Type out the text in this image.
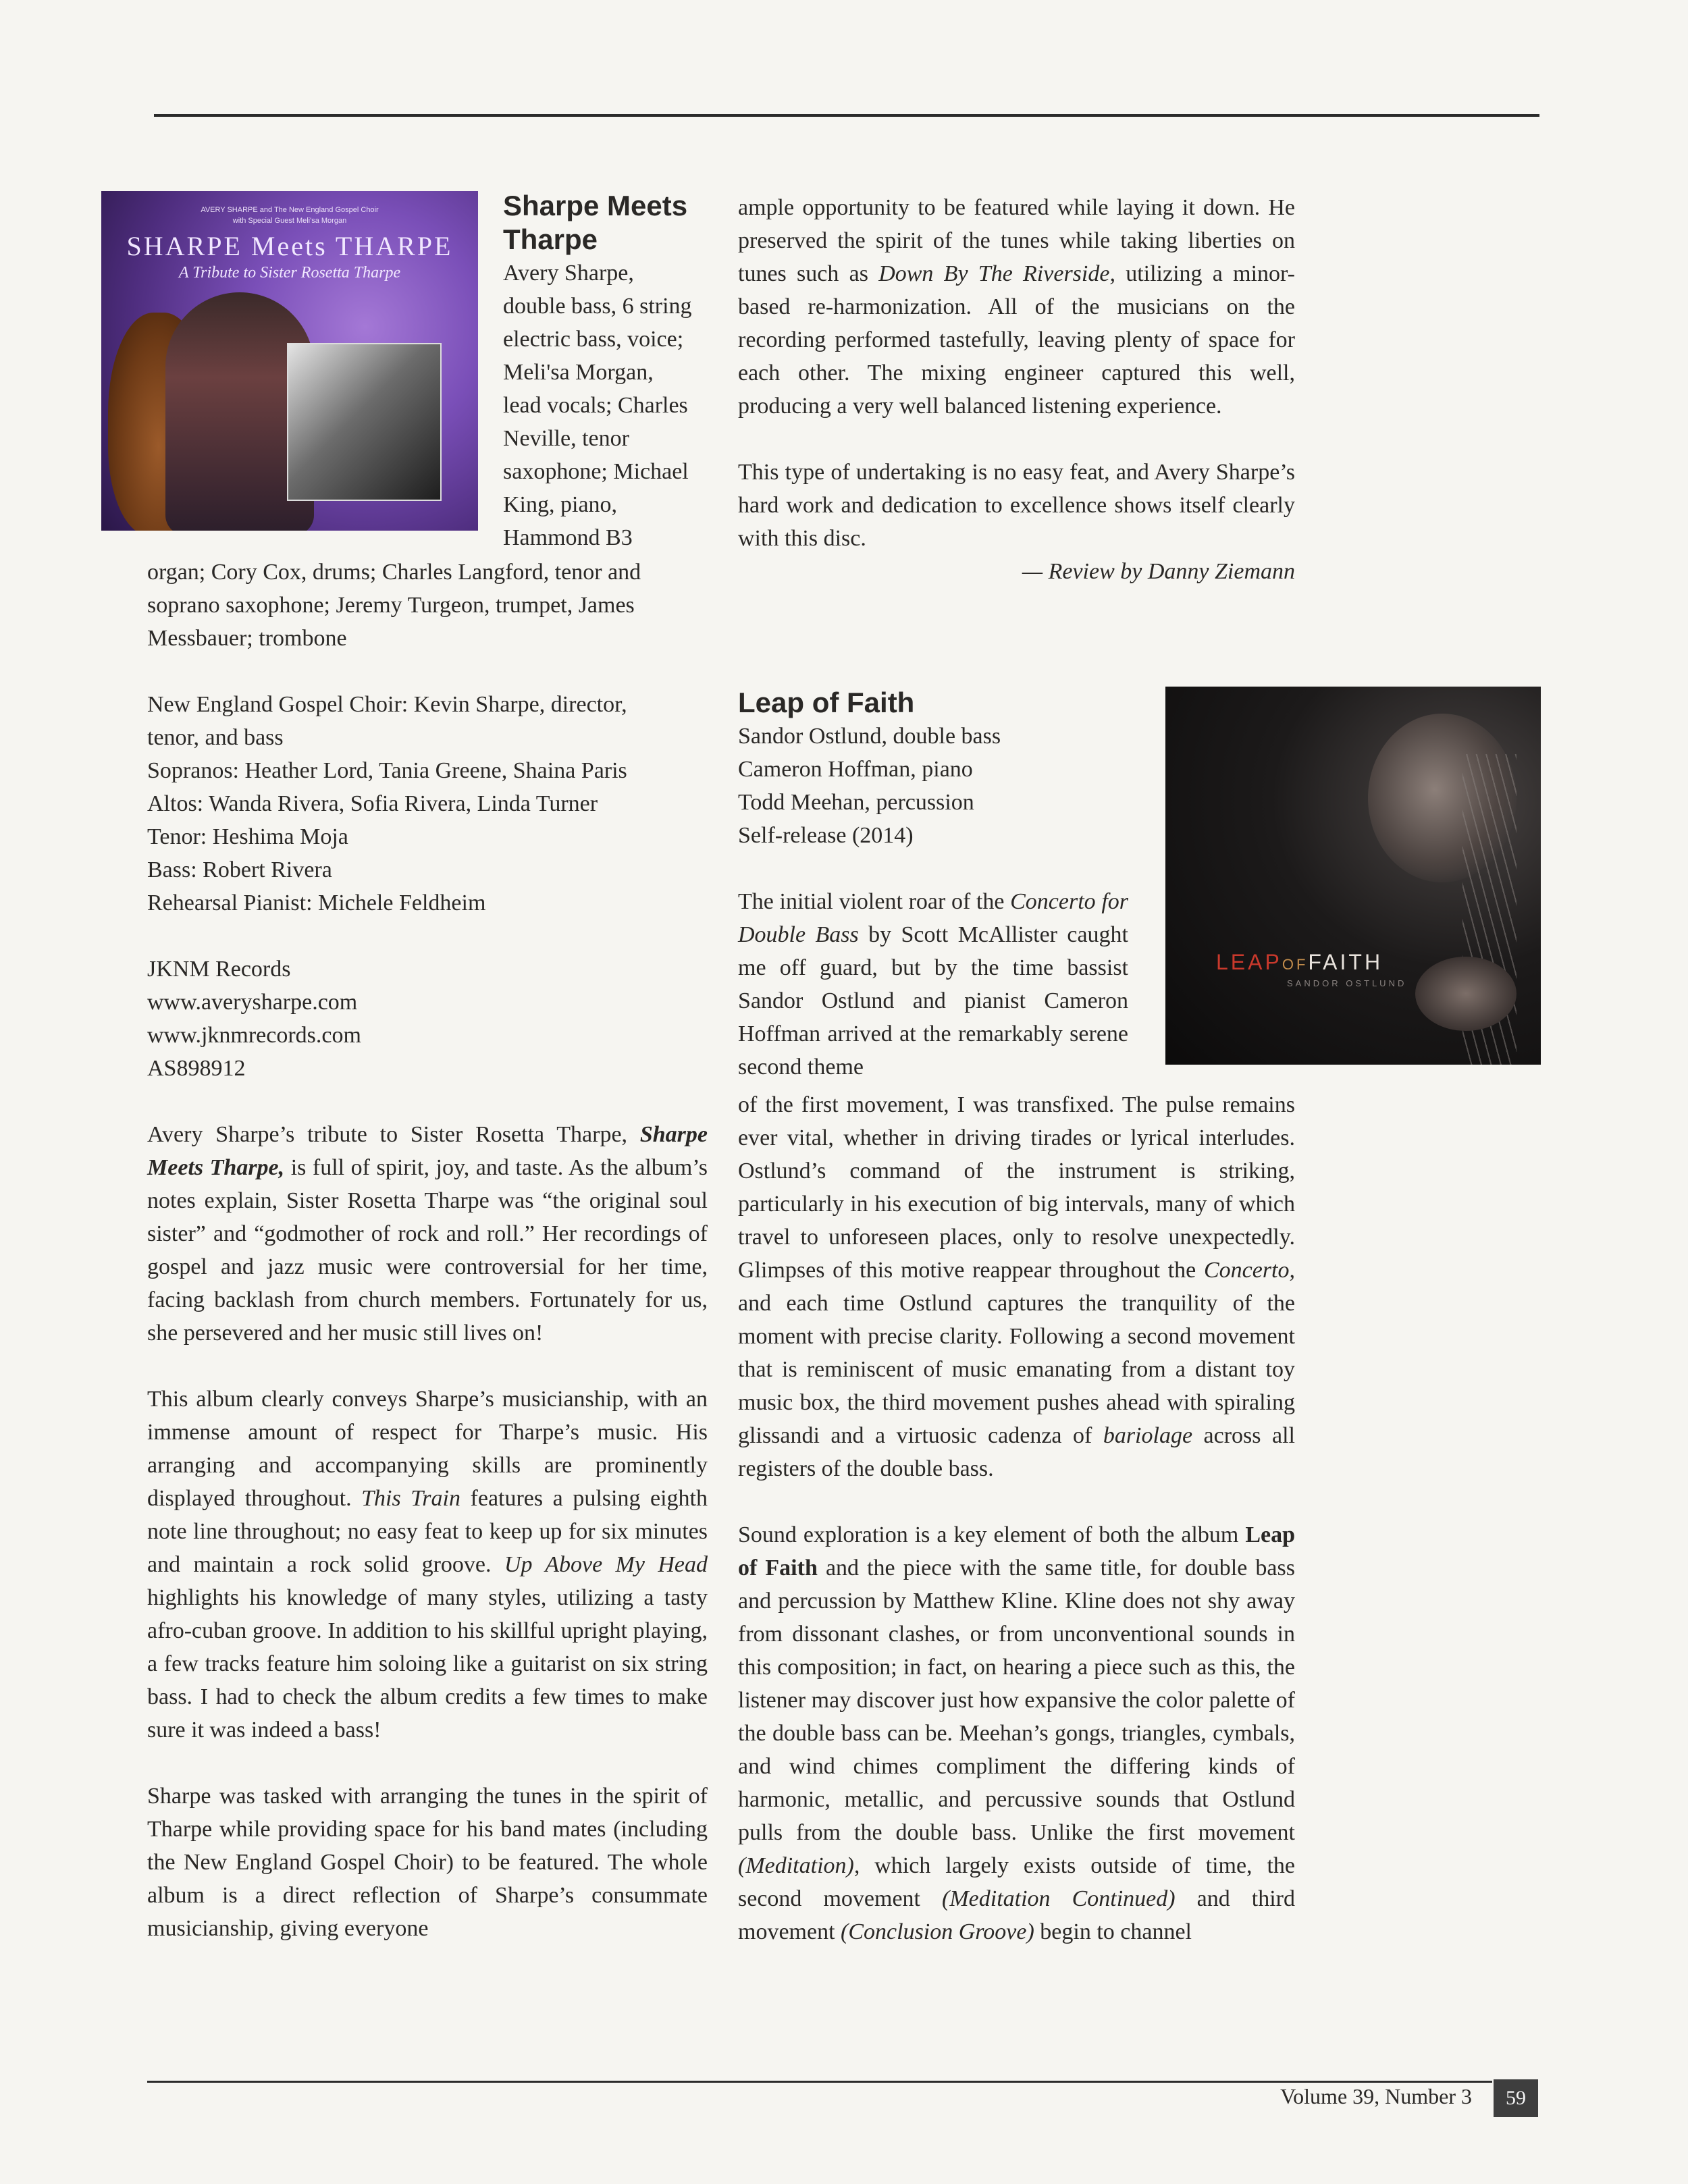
AVERY SHARPE and The New England Gospel Choir
with Special Guest Meli'sa Morgan
SHARPE Meets THARPE
A Tribute to Sister Rosetta Tharpe
Sharpe Meets Tharpe
Avery Sharpe,
double bass, 6 string
electric bass, voice;
Meli'sa Morgan,
lead vocals; Charles
Neville, tenor
saxophone; Michael
King, piano,
Hammond B3
organ; Cory Cox, drums; Charles Langford, tenor and
soprano saxophone; Jeremy Turgeon, trumpet, James
Messbauer; trombone
New England Gospel Choir: Kevin Sharpe, director,
tenor, and bass
Sopranos: Heather Lord, Tania Greene, Shaina Paris
Altos: Wanda Rivera, Sofia Rivera, Linda Turner
Tenor: Heshima Moja
Bass: Robert Rivera
Rehearsal Pianist: Michele Feldheim
JKNM Records
www.averysharpe.com
www.jknmrecords.com
AS898912

Avery Sharpe’s tribute to Sister Rosetta Tharpe, Sharpe Meets Tharpe, is full of spirit, joy, and taste. As the album’s notes explain, Sister Rosetta Tharpe was “the original soul sister” and “godmother of rock and roll.” Her recordings of gospel and jazz music were controversial for her time, facing backlash from church members. Fortunately for us, she persevered and her music still lives on!

This album clearly conveys Sharpe’s musicianship, with an immense amount of respect for Tharpe’s music. His arranging and accompanying skills are prominently displayed throughout. This Train features a pulsing eighth note line throughout; no easy feat to keep up for six minutes and maintain a rock solid groove. Up Above My Head highlights his knowledge of many styles, utilizing a tasty afro-cuban groove. In addition to his skillful upright playing, a few tracks feature him soloing like a guitarist on six string bass. I had to check the album credits a few times to make sure it was indeed a bass!

Sharpe was tasked with arranging the tunes in the spirit of Tharpe while providing space for his band mates (including the New England Gospel Choir) to be featured. The whole album is a direct reflection of Sharpe’s consummate musicianship, giving everyone

ample opportunity to be featured while laying it down. He preserved the spirit of the tunes while taking liberties on tunes such as Down By The Riverside, utilizing a minor-based re-harmonization. All of the musicians on the recording performed tastefully, leaving plenty of space for each other. The mixing engineer captured this well, producing a very well balanced listening experience.

This type of undertaking is no easy feat, and Avery Sharpe’s hard work and dedication to excellence shows itself clearly with this disc.

— Review by Danny Ziemann

LEAPOFFAITH
SANDOR OSTLUND
Leap of Faith
Sandor Ostlund, double bass
Cameron Hoffman, piano
Todd Meehan, percussion
Self-release (2014)

The initial violent roar of the Concerto for Double Bass by Scott McAllister caught me off guard, but by the time bassist Sandor Ostlund and pianist Cameron Hoffman arrived at the remarkably serene second theme

of the first movement, I was transfixed. The pulse remains ever vital, whether in driving tirades or lyrical interludes. Ostlund’s command of the instrument is striking, particularly in his execution of big intervals, many of which travel to unforeseen places, only to resolve unexpectedly. Glimpses of this motive reappear throughout the Concerto, and each time Ostlund captures the tranquility of the moment with precise clarity. Following a second movement that is reminiscent of music emanating from a distant toy music box, the third movement pushes ahead with spiraling glissandi and a virtuosic cadenza of bariolage across all registers of the double bass.

Sound exploration is a key element of both the album Leap of Faith and the piece with the same title, for double bass and percussion by Matthew Kline. Kline does not shy away from dissonant clashes, or from unconventional sounds in this composition; in fact, on hearing a piece such as this, the listener may discover just how expansive the color palette of the double bass can be. Meehan’s gongs, triangles, cymbals, and wind chimes compliment the differing kinds of harmonic, metallic, and percussive sounds that Ostlund pulls from the double bass. Unlike the first movement (Meditation), which largely exists outside of time, the second movement (Meditation Continued) and third movement (Conclusion Groove) begin to channel

Volume 39, Number 3	59
